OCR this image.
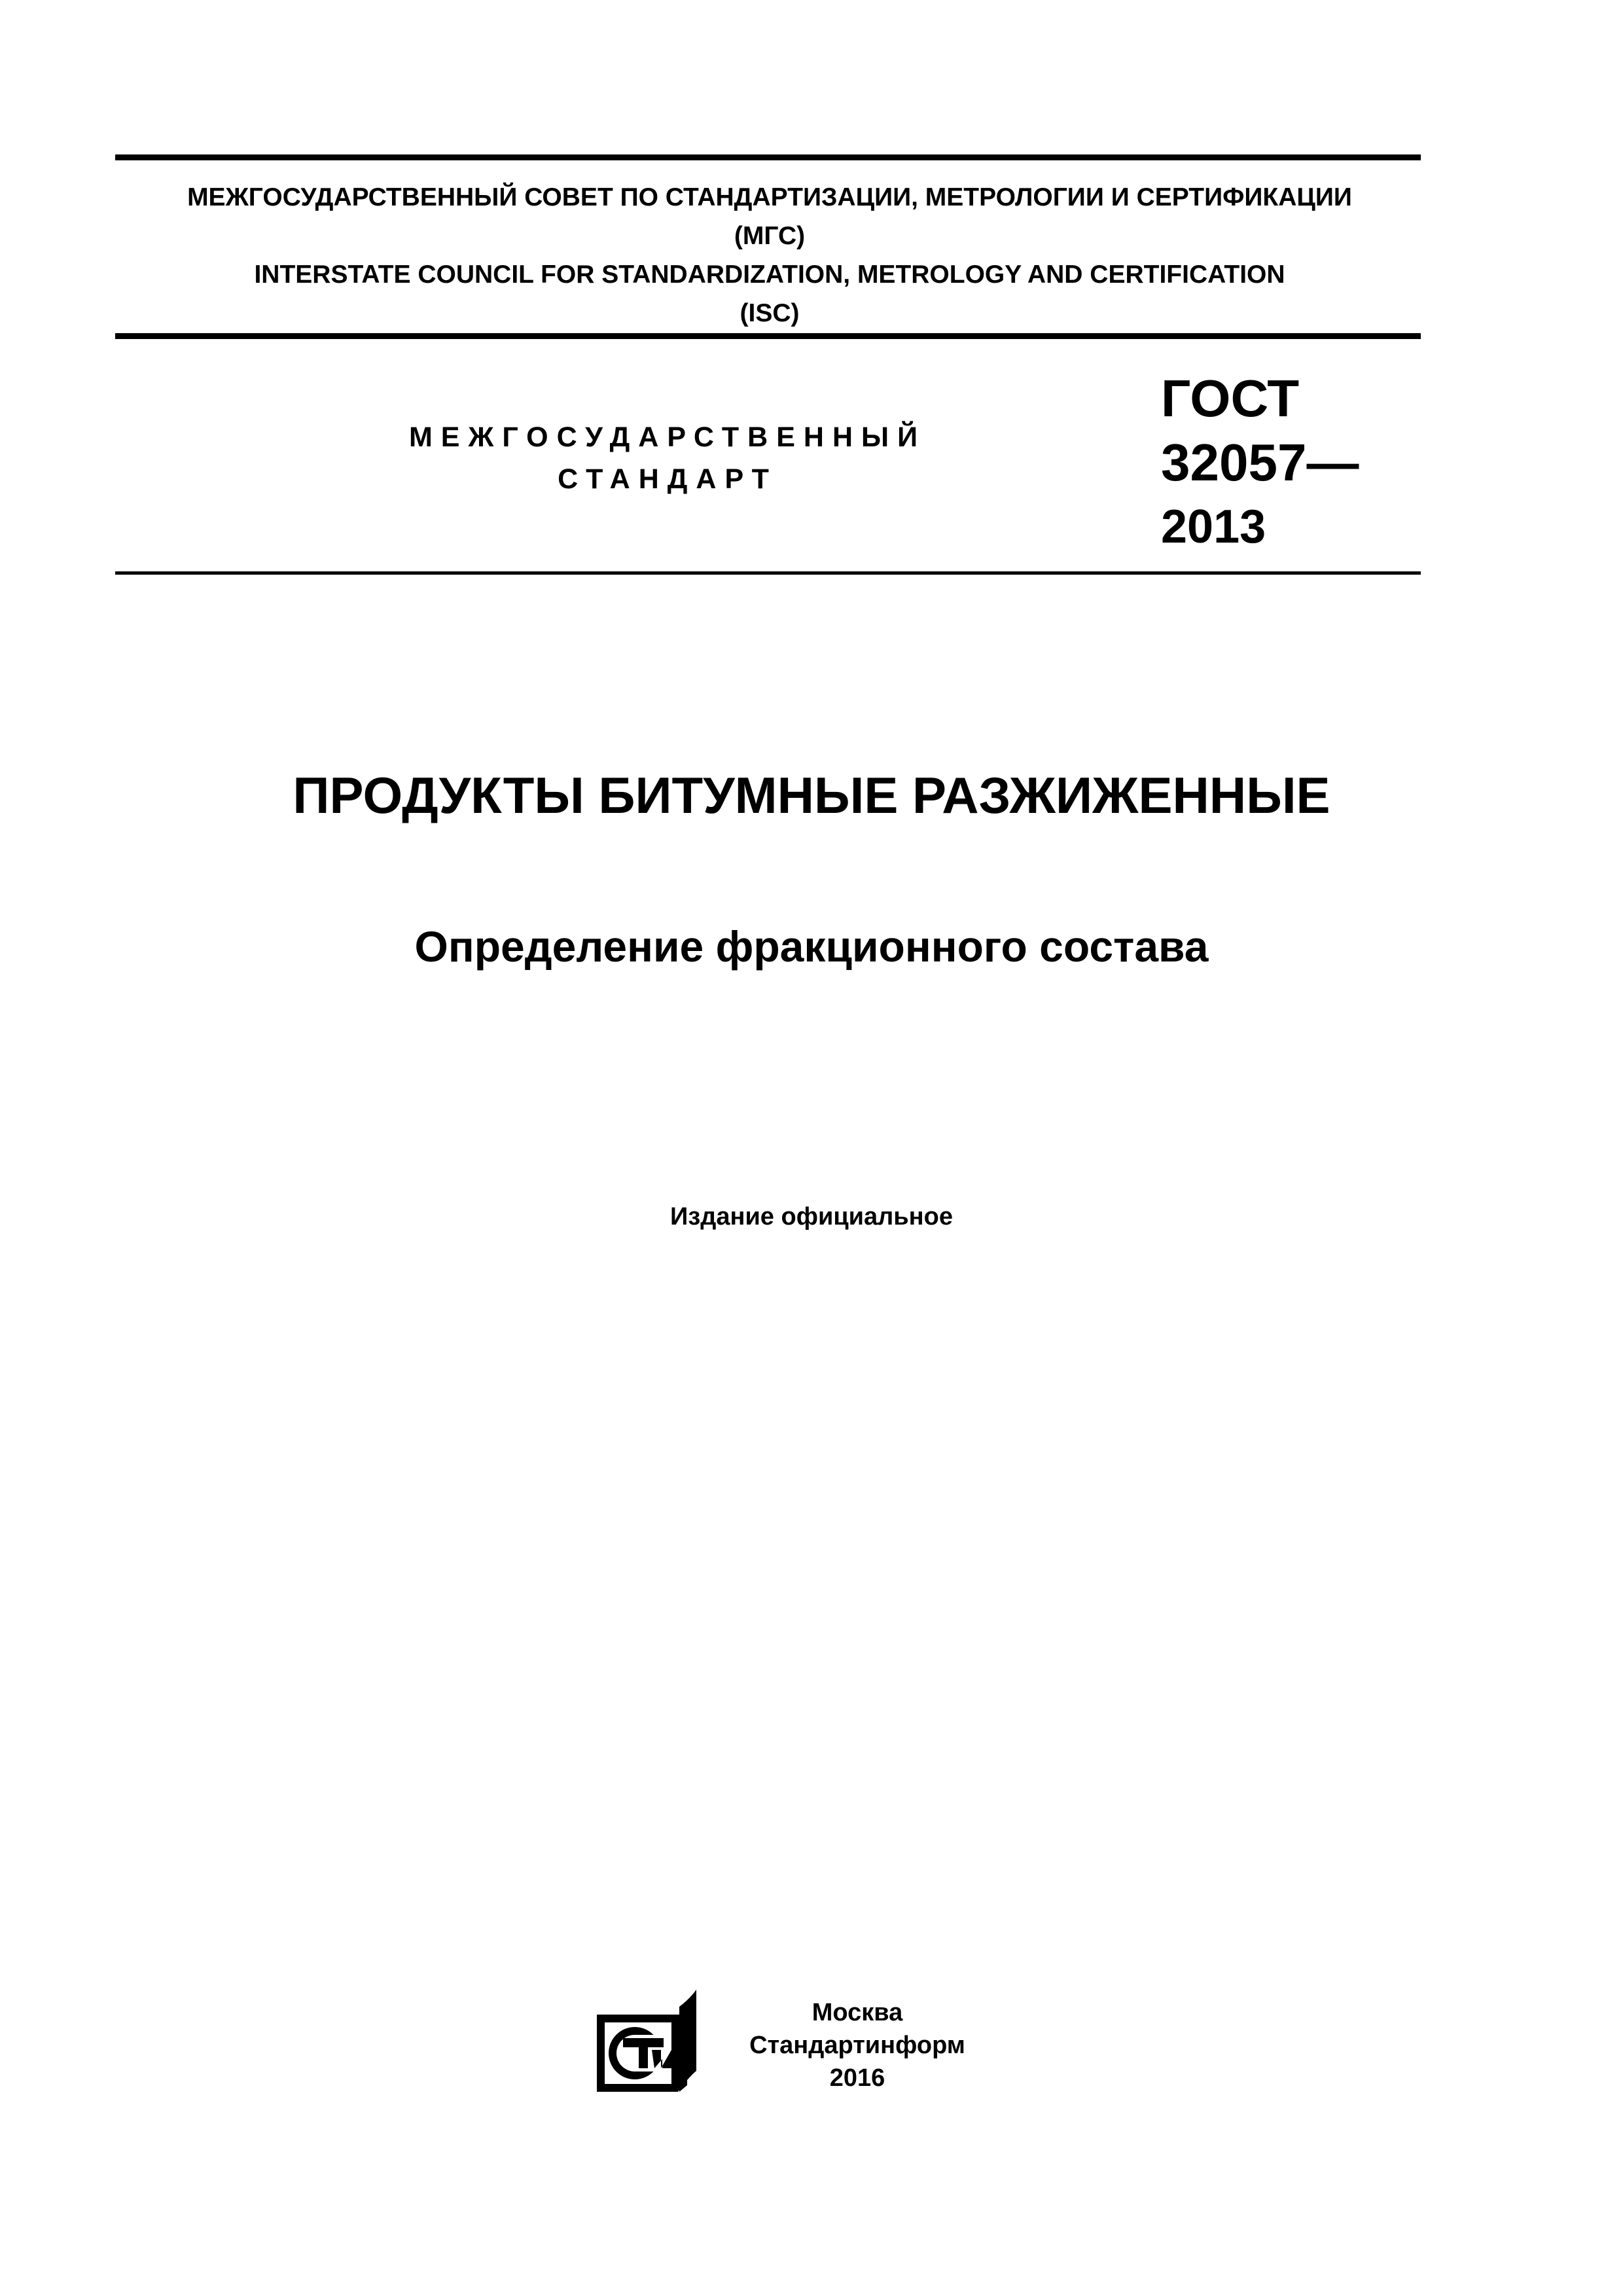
МЕЖГОСУДАРСТВЕННЫЙ СОВЕТ ПО СТАНДАРТИЗАЦИИ, МЕТРОЛОГИИ И СЕРТИФИКАЦИИ
(МГС)
INTERSTATE COUNCIL FOR STANDARDIZATION, METROLOGY AND CERTIFICATION
(ISC)
МЕЖГОСУДАРСТВЕННЫЙ
СТАНДАРТ
ГОСТ
32057—
2013
ПРОДУКТЫ БИТУМНЫЕ РАЗЖИЖЕННЫЕ
Определение фракционного состава
Издание официальное
Москва
Стандартинформ
2016
